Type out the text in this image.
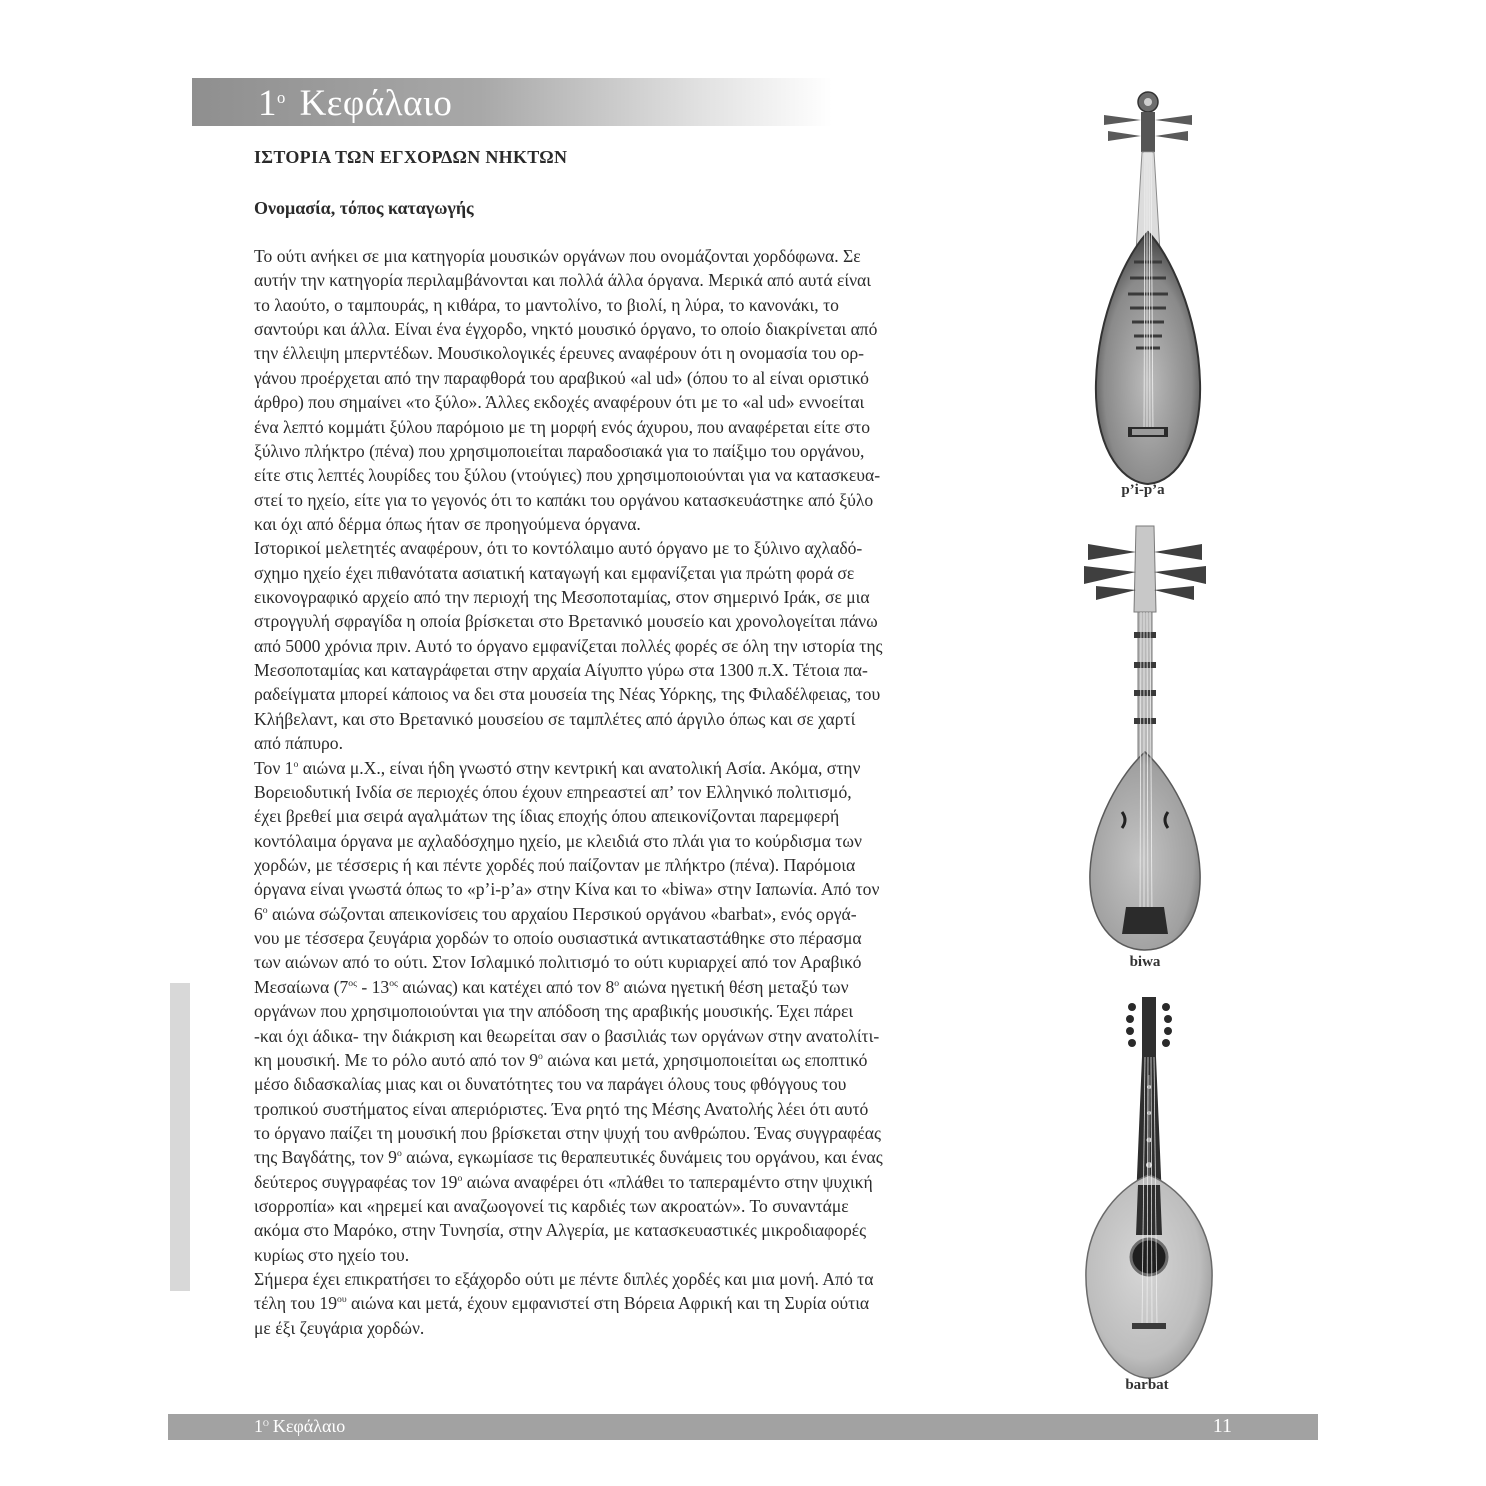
$1^o$ Κεφάλαιο
ΙΣΤΟΡΙΑ ΤΩΝ ΕΓΧΟΡΔΩΝ ΝΗΚΤΩΝ
Ονομασία, τόπος καταγωγής
Το ούτι ανήκει σε μια κατηγορία μουσικών οργάνων που ονομάζονται χορδόφωνα. Σε
αυτήν την κατηγορία περιλαμβάνονται και πολλά άλλα όργανα. Μερικά από αυτά είναι
το λαούτο, ο ταμπουράς, η κιθάρα, το μαντολίνο, το βιολί, η λύρα, το κανονάκι, το
σαντούρι και άλλα. Είναι ένα έγχορδο, νηκτό μουσικό όργανο, το οποίο διακρίνεται από
την έλλειψη μπερντέδων. Μουσικολογικές έρευνες αναφέρουν ότι η ονομασία του ορ-
γάνου προέρχεται από την παραφθορά του αραβικού «al ud» (όπου το al είναι οριστικό
άρθρο) που σημαίνει «το ξύλο». Άλλες εκδοχές αναφέρουν ότι με το «al ud» εννοείται
ένα λεπτό κομμάτι ξύλου παρόμοιο με τη μορφή ενός άχυρου, που αναφέρεται είτε στο
ξύλινο πλήκτρο (πένα) που χρησιμοποιείται παραδοσιακά για το παίξιμο του οργάνου,
είτε στις λεπτές λουρίδες του ξύλου (ντούγιες) που χρησιμοποιούνται για να κατασκευα-
στεί το ηχείο, είτε για το γεγονός ότι το καπάκι του οργάνου κατασκευάστηκε από ξύλο
και όχι από δέρμα όπως ήταν σε προηγούμενα όργανα.
Ιστορικοί μελετητές αναφέρουν, ότι το κοντόλαιμο αυτό όργανο με το ξύλινο αχλαδό-
σχημο ηχείο έχει πιθανότατα ασιατική καταγωγή και εμφανίζεται για πρώτη φορά σε
εικονογραφικό αρχείο από την περιοχή της Μεσοποταμίας, στον σημερινό Ιράκ, σε μια
στρογγυλή σφραγίδα η οποία βρίσκεται στο Βρετανικό μουσείο και χρονολογείται πάνω
από 5000 χρόνια πριν. Αυτό το όργανο εμφανίζεται πολλές φορές σε όλη την ιστορία της
Μεσοποταμίας και καταγράφεται στην αρχαία Αίγυπτο γύρω στα 1300 π.Χ. Τέτοια πα-
ραδείγματα μπορεί κάποιος να δει στα μουσεία της Νέας Υόρκης, της Φιλαδέλφειας, του
Κλήβελαντ, και στο Βρετανικό μουσείου σε ταμπλέτες από άργιλο όπως και σε χαρτί
από πάπυρο.
Τον $1^o$ αιώνα μ.Χ., είναι ήδη γνωστό στην κεντρική και ανατολική Ασία. Ακόμα, στην
Βορειοδυτική Ινδία σε περιοχές όπου έχουν επηρεαστεί απ’ τον Ελληνικό πολιτισμό,
έχει βρεθεί μια σειρά αγαλμάτων της ίδιας εποχής όπου απεικονίζονται παρεμφερή
κοντόλαιμα όργανα με αχλαδόσχημο ηχείο, με κλειδιά στο πλάι για το κούρδισμα των
χορδών, με τέσσερις ή και πέντε χορδές πού παίζονταν με πλήκτρο (πένα). Παρόμοια
όργανα είναι γνωστά όπως το «p’i-p’a» στην Κίνα και το «biwa» στην Ιαπωνία. Από τον
$6^o$ αιώνα σώζονται απεικονίσεις του αρχαίου Περσικού οργάνου «barbat», ενός οργά-
νου με τέσσερα ζευγάρια χορδών το οποίο ουσιαστικά αντικαταστάθηκε στο πέρασμα
των αιώνων από το ούτι. Στον Ισλαμικό πολιτισμό το ούτι κυριαρχεί από τον Αραβικό
Μεσαίωνα ($7^{o\varsigma} - 13^{o\varsigma}$ αιώνας) και κατέχει από τον $8^o$ αιώνα ηγετική θέση μεταξύ των
οργάνων που χρησιμοποιούνται για την απόδοση της αραβικής μουσικής. Έχει πάρει
-και όχι άδικα- την διάκριση και θεωρείται σαν ο βασιλιάς των οργάνων στην ανατολίτι-
κη μουσική. Με το ρόλο αυτό από τον $9^o$ αιώνα και μετά, χρησιμοποιείται ως εποπτικό
μέσο διδασκαλίας μιας και οι δυνατότητες του να παράγει όλους τους φθόγγους του
τροπικού συστήματος είναι απεριόριστες. Ένα ρητό της Μέσης Ανατολής λέει ότι αυτό
το όργανο παίζει τη μουσική που βρίσκεται στην ψυχή του ανθρώπου. Ένας συγγραφέας
της Βαγδάτης, τον $9^o$ αιώνα, εγκωμίασε τις θεραπευτικές δυνάμεις του οργάνου, και ένας
δεύτερος συγγραφέας τον $19^o$ αιώνα αναφέρει ότι «πλάθει το ταπεραμέντο στην ψυχική
ισορροπία» και «ηρεμεί και αναζωογονεί τις καρδιές των ακροατών». Το συναντάμε
ακόμα στο Μαρόκο, στην Τυνησία, στην Αλγερία, με κατασκευαστικές μικροδιαφορές
κυρίως στο ηχείο του.
Σήμερα έχει επικρατήσει το εξάχορδο ούτι με πέντε διπλές χορδές και μια μονή. Από τα
τέλη του $19^{o\upsilon}$ αιώνα και μετά, έχουν εμφανιστεί στη Βόρεια Αφρική και τη Συρία ούτια
με έξι ζευγάρια χορδών.
p’i-p’a
biwa
barbat
$1^O$ Κεφάλαιο	11
